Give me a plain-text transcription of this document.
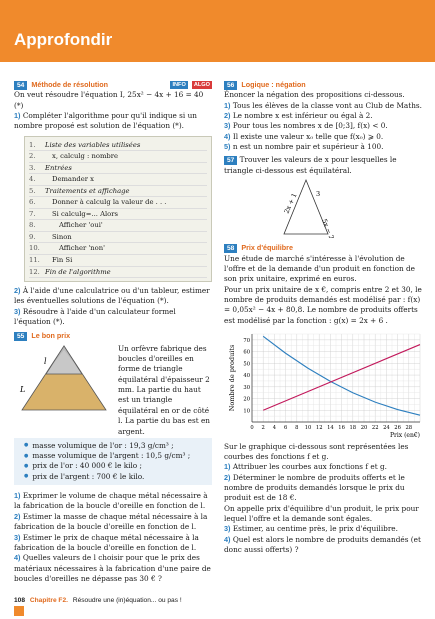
Approfondir
54 Méthode de résolution	INFO	ALGO

On veut résoudre l'équation I, 25x² − 4x + 16 = 40 (*)

1) Compléter l'algorithme pour qu'il indique si un nombre proposé est solution de l'équation (*).

1.	Liste des variables utilisées
2.	x, calculg : nombre
3.	Entrées
4.	Demander x
5.	Traitements et affichage
6.	Donner à calculg la valeur de . . .
7.	Si calculg=... Alors
8.	Afficher 'oui'
9.	Sinon
10.	Afficher 'non'
11.	Fin Si
12. Fin de l'algorithme

2) À l'aide d'une calculatrice ou d'un tableur, estimer les éventuelles solutions de l'équation (*).

3) Résoudre à l'aide d'un calculateur formel l'équation (*).

55 Le bon prix
l
L
Un orfèvre fabrique des boucles d'oreilles en forme de triangle équilatéral d'épaisseur 2 mm. La partie du haut est un triangle équilatéral en or de côté l. La partie du bas est en argent.
● masse volumique de l'or : 19,3 g/cm³ ;
● masse volumique de l'argent : 10,5 g/cm³ ;
● prix de l'or : 40 000 € le kilo ;
● prix de l'argent : 700 € le kilo.

1) Exprimer le volume de chaque métal nécessaire à la fabrication de la boucle d'oreille en fonction de l.

2) Estimer la masse de chaque métal nécessaire à la fabrication de la boucle d'oreille en fonction de l.

3) Estimer le prix de chaque métal nécessaire à la fabrication de la boucle d'oreille en fonction de l.

4) Quelles valeurs de l choisir pour que le prix des matériaux nécessaires à la fabrication d'une paire de boucles d'oreilles ne dépasse pas 30 € ?

56 Logique : négation

Énoncer la négation des propositions ci-dessous.

1) Tous les élèves de la classe vont au Club de Maths.

2) Le nombre x est inférieur ou égal à 2.

3) Pour tous les nombres x de [0;3], f(x) < 0.

4) Il existe une valeur x₀ telle que f(x₀) ⩾ 0.

5) n est un nombre pair et supérieur à 100.

57 Trouver les valeurs de x pour lesquelles le triangle ci-dessous est équilatéral.

2x + 1	3
5x − 2
58 Prix d'équilibre

Une étude de marché s'intéresse à l'évolution de l'offre et de la demande d'un produit en fonction de son prix unitaire, exprimé en euros.

Pour un prix unitaire de x €, compris entre 2 et 30, le nombre de produits demandés est modélisé par : f(x) = 0,05x² − 4x + 80,8. Le nombre de produits offerts est modélisé par la fonction : g(x) = 2x + 6 .

0 2 4 6 8 10 12 14 16 18 20 22 24 26 28
10
20
30
40
50
60
70
Prix (en€)
Nombre de produits

Sur le graphique ci-dessous sont représentées les courbes des fonctions f et g.

1) Attribuer les courbes aux fonctions f et g.

2) Déterminer le nombre de produits offerts et le nombre de produits demandés lorsque le prix du produit est de 18 €.

On appelle prix d'équilibre d'un produit, le prix pour lequel l'offre et la demande sont égales.

3) Estimer, au centime près, le prix d'équilibre.

4) Quel est alors le nombre de produits demandés (et donc aussi offerts) ?

108 Chapitre F2. Résoudre une (in)équation... ou pas !
